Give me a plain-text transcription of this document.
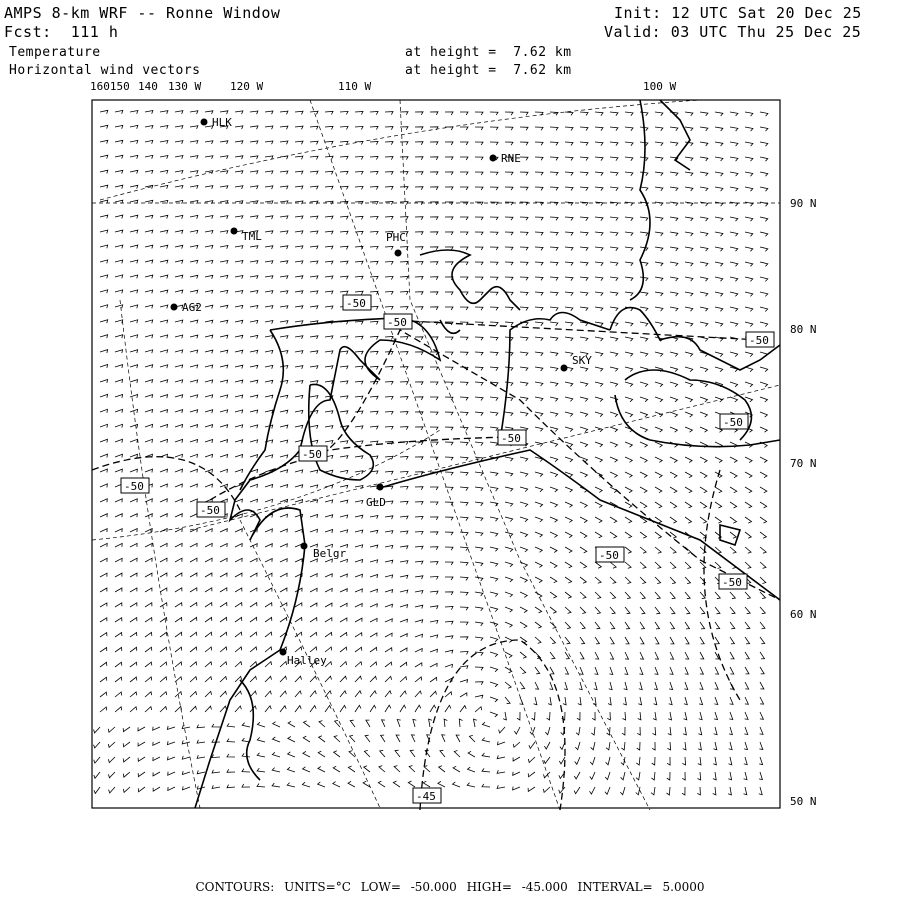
AMPS 8-km WRF -- Ronne Window
Fcst:  111 h
Temperature
Horizontal wind vectors
at height =  7.62 km
at height =  7.62 km
Init: 12 UTC Sat 20 Dec 25
Valid: 03 UTC Thu 25 Dec 25
HLK
RNE
TML	PHC
AG2
SKY
GLD
Belgr
Halley
-50
-50
-50
-50
-50
-50
-50
-50
-50
-50
-45
160150 140 130 W	120 W	110 W	100 W
90 N
80 N
70 N
60 N
50 N
CONTOURS: UNITS=°C LOW= -50.000 HIGH= -45.000 INTERVAL= 5.0000
